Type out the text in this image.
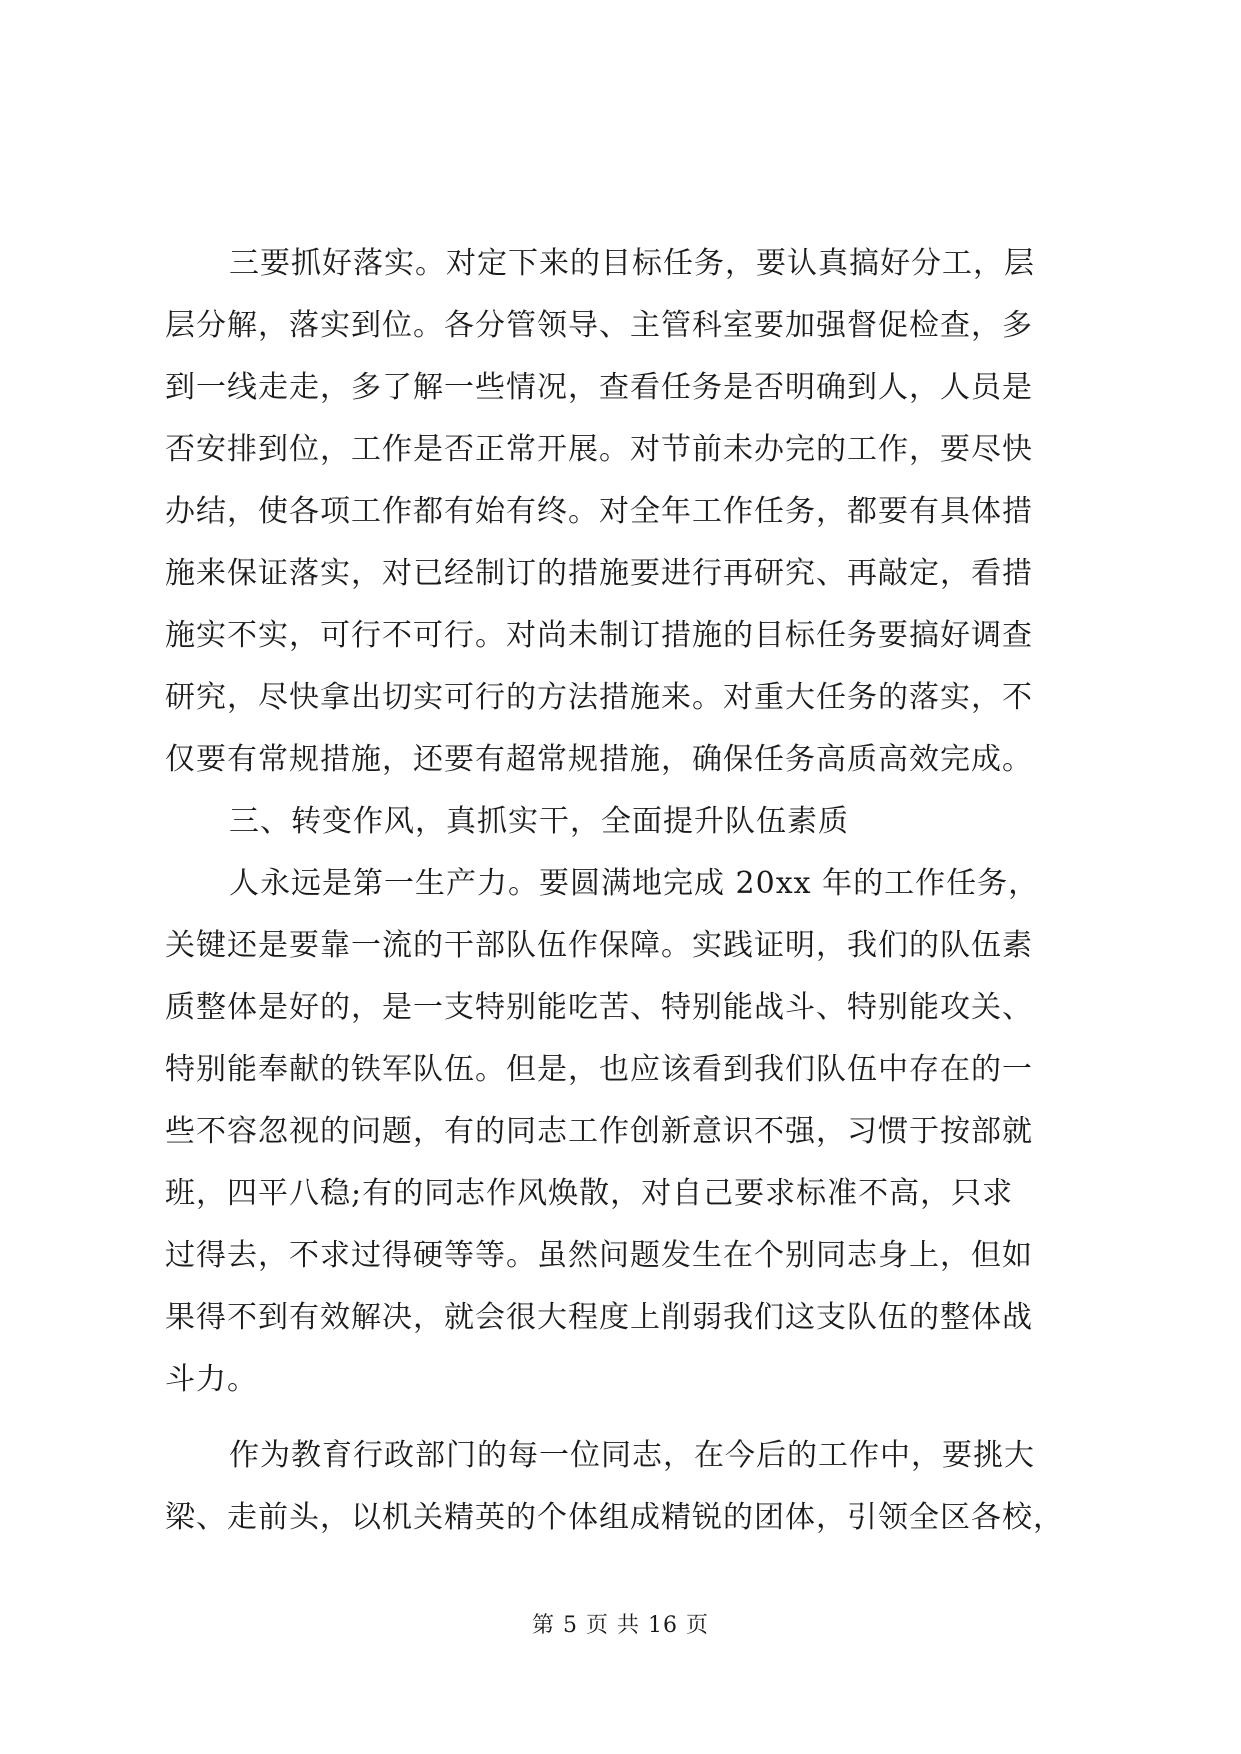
三要抓好落实。对定下来的目标任务，要认真搞好分工，层
层分解，落实到位。各分管领导、主管科室要加强督促检查，多
到一线走走，多了解一些情况，查看任务是否明确到人，人员是
否安排到位，工作是否正常开展。对节前未办完的工作，要尽快
办结，使各项工作都有始有终。对全年工作任务，都要有具体措
施来保证落实，对已经制订的措施要进行再研究、再敲定，看措
施实不实，可行不可行。对尚未制订措施的目标任务要搞好调查
研究，尽快拿出切实可行的方法措施来。对重大任务的落实，不
仅要有常规措施，还要有超常规措施，确保任务高质高效完成。
三、转变作风，真抓实干，全面提升队伍素质
人永远是第一生产力。要圆满地完成 20xx 年的工作任务，
关键还是要靠一流的干部队伍作保障。实践证明，我们的队伍素
质整体是好的，是一支特别能吃苦、特别能战斗、特别能攻关、
特别能奉献的铁军队伍。但是，也应该看到我们队伍中存在的一
些不容忽视的问题，有的同志工作创新意识不强，习惯于按部就
班，四平八稳;有的同志作风焕散，对自己要求标准不高，只求
过得去，不求过得硬等等。虽然问题发生在个别同志身上，但如
果得不到有效解决，就会很大程度上削弱我们这支队伍的整体战
斗力。
作为教育行政部门的每一位同志，在今后的工作中，要挑大
梁、走前头，以机关精英的个体组成精锐的团体，引领全区各校，
第 5 页 共 16 页
